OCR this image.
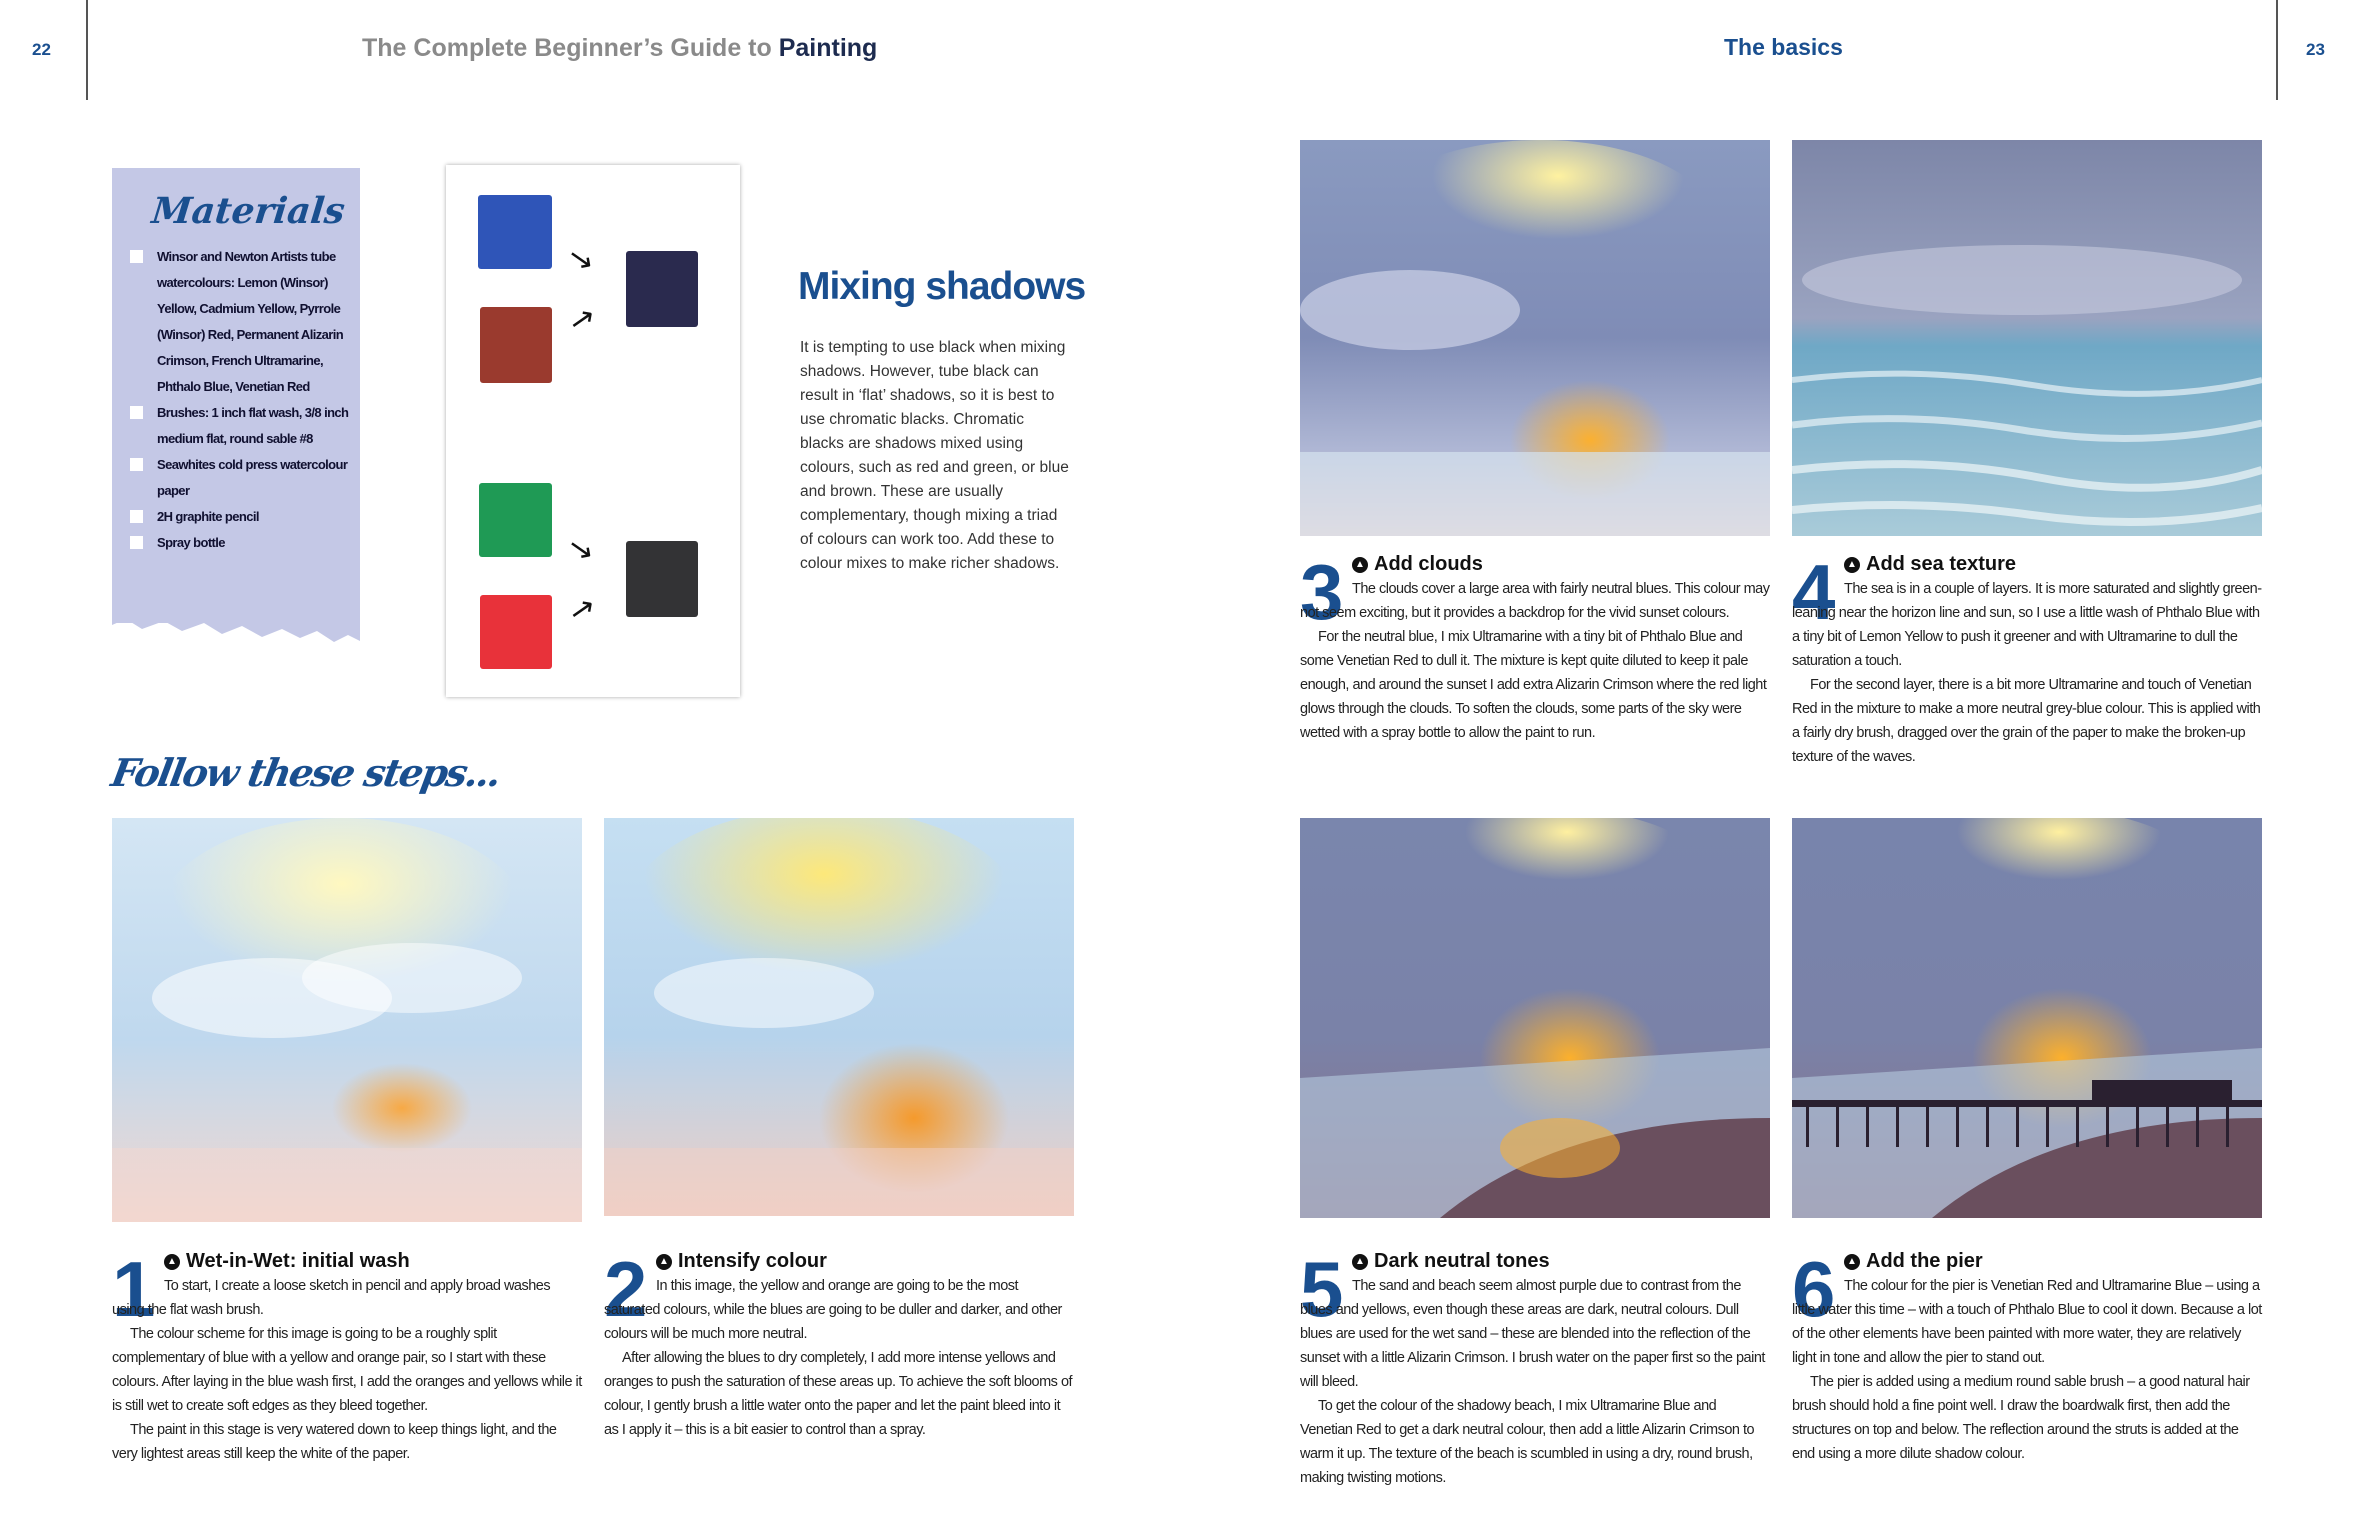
22	The Complete Beginner’s Guide to Painting	The basics	23
Materials
Winsor and Newton Artists tube watercolours: Lemon (Winsor) Yellow, Cadmium Yellow, Pyrrole (Winsor) Red, Permanent Alizarin Crimson, French Ultramarine, Phthalo Blue, Venetian Red
Brushes: 1 inch flat wash, 3/8 inch medium flat, round sable #8
Seawhites cold press watercolour paper
2H graphite pencil
Spray bottle
→
→
→
→
Mixing shadows
It is tempting to use black when mixing shadows. However, tube black can result in ‘flat’ shadows, so it is best to use chromatic blacks. Chromatic blacks are shadows mixed using colours, such as red and green, or blue and brown. These are usually complementary, though mixing a triad of colours can work too. Add these to colour mixes to make richer shadows.
Follow these steps...
1	▲ Wet-in-Wet: initial wash

To start, I create a loose sketch in pencil and apply broad washes using the flat wash brush.

The colour scheme for this image is going to be a roughly split complementary of blue with a yellow and orange pair, so I start with these colours. After laying in the blue wash first, I add the oranges and yellows while it is still wet to create soft edges as they bleed together.

The paint in this stage is very watered down to keep things light, and the very lightest areas still keep the white of the paper.

2	▲ Intensify colour

In this image, the yellow and orange are going to be the most saturated colours, while the blues are going to be duller and darker, and other colours will be much more neutral.

After allowing the blues to dry completely, I add more intense yellows and oranges to push the saturation of these areas up. To achieve the soft blooms of colour, I gently brush a little water onto the paper and let the paint bleed into it as I apply it – this is a bit easier to control than a spray.

3	▲ Add clouds

The clouds cover a large area with fairly neutral blues. This colour may not seem exciting, but it provides a backdrop for the vivid sunset colours.

For the neutral blue, I mix Ultramarine with a tiny bit of Phthalo Blue and some Venetian Red to dull it. The mixture is kept quite diluted to keep it pale enough, and around the sunset I add extra Alizarin Crimson where the red light glows through the clouds. To soften the clouds, some parts of the sky were wetted with a spray bottle to allow the paint to run.

4	▲ Add sea texture

The sea is in a couple of layers. It is more saturated and slightly green-leaning near the horizon line and sun, so I use a little wash of Phthalo Blue with a tiny bit of Lemon Yellow to push it greener and with Ultramarine to dull the saturation a touch.

For the second layer, there is a bit more Ultramarine and touch of Venetian Red in the mixture to make a more neutral grey-blue colour. This is applied with a fairly dry brush, dragged over the grain of the paper to make the broken-up texture of the waves.

5	▲ Dark neutral tones

The sand and beach seem almost purple due to contrast from the blues and yellows, even though these areas are dark, neutral colours. Dull blues are used for the wet sand – these are blended into the reflection of the sunset with a little Alizarin Crimson. I brush water on the paper first so the paint will bleed.

To get the colour of the shadowy beach, I mix Ultramarine Blue and Venetian Red to get a dark neutral colour, then add a little Alizarin Crimson to warm it up. The texture of the beach is scumbled in using a dry, round brush, making twisting motions.

6	▲ Add the pier

The colour for the pier is Venetian Red and Ultramarine Blue – using a little water this time – with a touch of Phthalo Blue to cool it down. Because a lot of the other elements have been painted with more water, they are relatively light in tone and allow the pier to stand out.

The pier is added using a medium round sable brush – a good natural hair brush should hold a fine point well. I draw the boardwalk first, then add the structures on top and below. The reflection around the struts is added at the end using a more dilute shadow colour.
